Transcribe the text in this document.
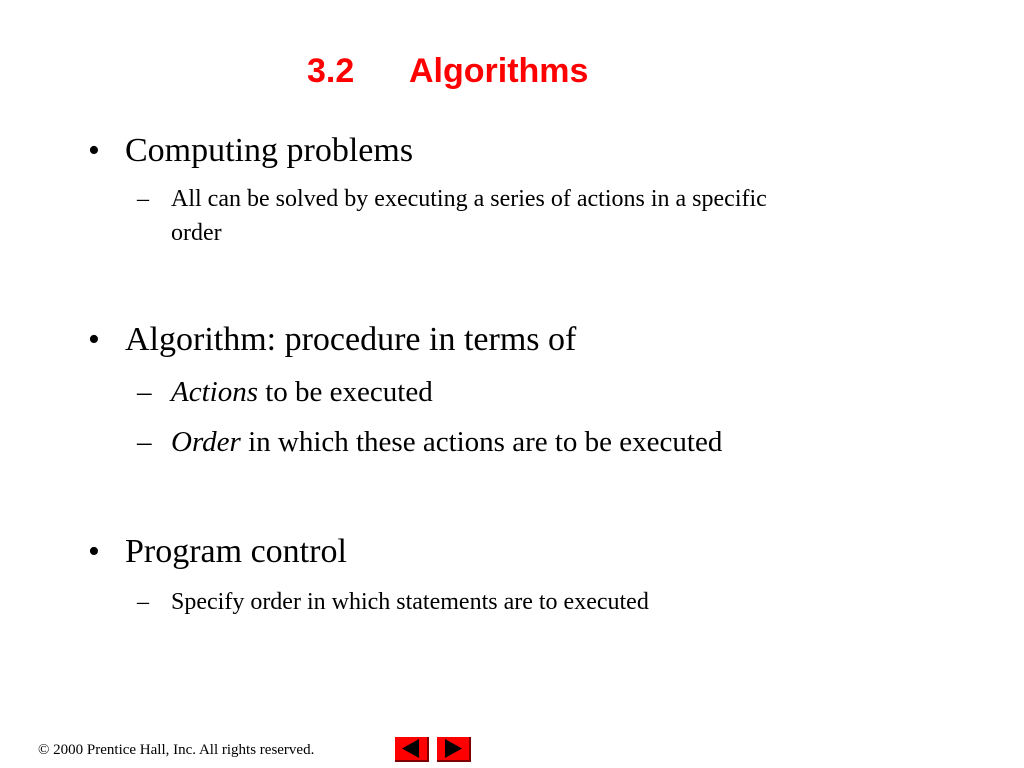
3.2 Algorithms
• Computing problems
– All can be solved by executing a series of actions in a specific
order
• Algorithm: procedure in terms of
– Actions to be executed
– Order in which these actions are to be executed
• Program control
– Specify order in which statements are to executed
© 2000 Prentice Hall, Inc. All rights reserved.
